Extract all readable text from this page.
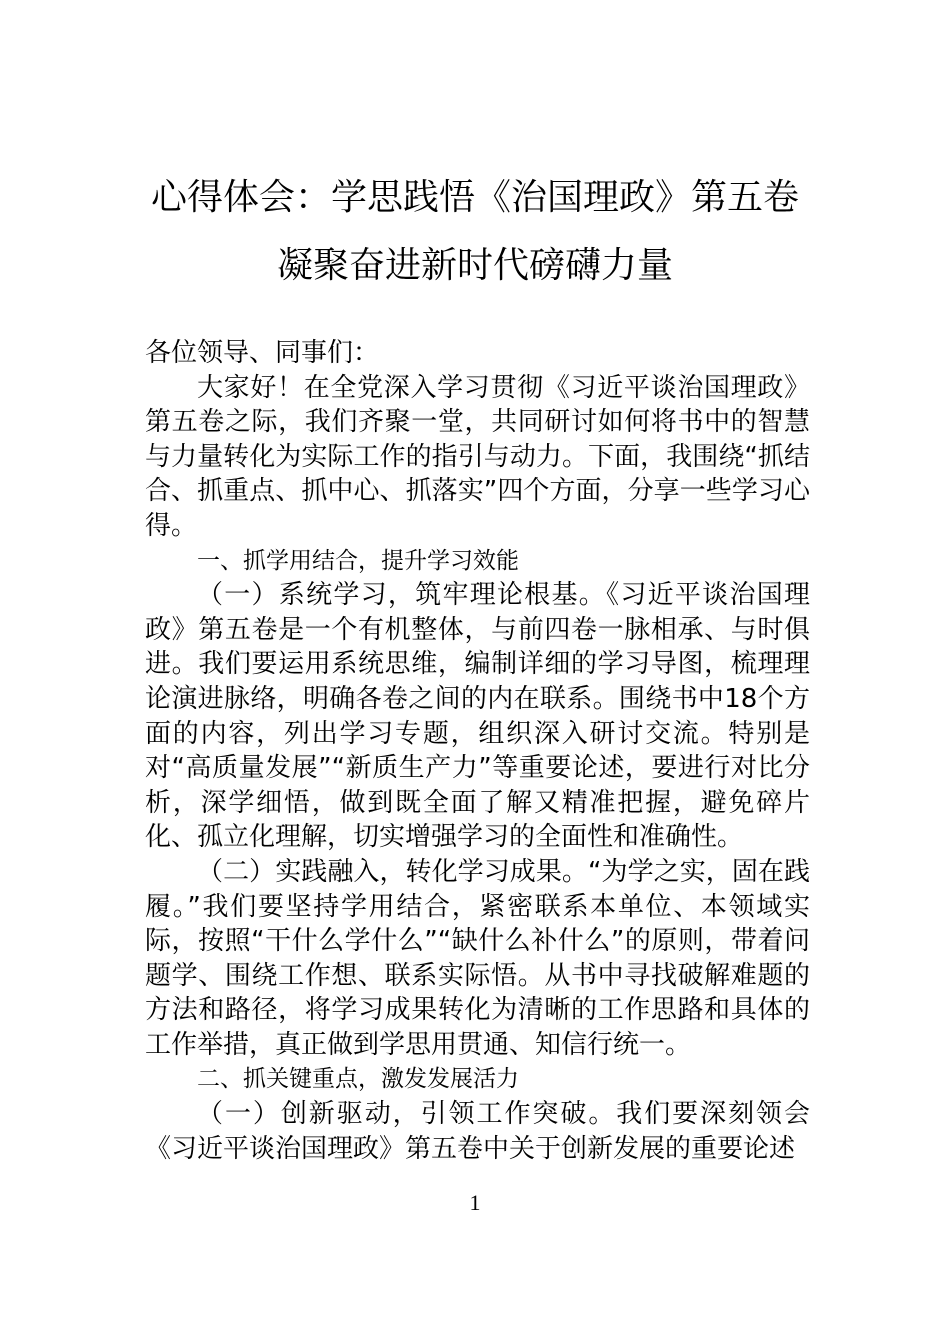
心得体会：学思践悟《治国理政》第五卷
凝聚奋进新时代磅礴力量

各位领导、同事们：

大家好！在全党深入学习贯彻《习近平谈治国理政》第五卷之际，我们齐聚一堂，共同研讨如何将书中的智慧与力量转化为实际工作的指引与动力。下面，我围绕“抓结合、抓重点、抓中心、抓落实”四个方面，分享一些学习心得。

一、抓学用结合，提升学习效能

（一）系统学习，筑牢理论根基。《习近平谈治国理政》第五卷是一个有机整体，与前四卷一脉相承、与时俱进。我们要运用系统思维，编制详细的学习导图，梳理理论演进脉络，明确各卷之间的内在联系。围绕书中18个方面的内容，列出学习专题，组织深入研讨交流。特别是对“高质量发展”“新质生产力”等重要论述，要进行对比分析，深学细悟，做到既全面了解又精准把握，避免碎片化、孤立化理解，切实增强学习的全面性和准确性。

（二）实践融入，转化学习成果。“为学之实，固在践履。”我们要坚持学用结合，紧密联系本单位、本领域实际，按照“干什么学什么”“缺什么补什么”的原则，带着问题学、围绕工作想、联系实际悟。从书中寻找破解难题的方法和路径，将学习成果转化为清晰的工作思路和具体的工作举措，真正做到学思用贯通、知信行统一。

二、抓关键重点，激发发展活力

（一）创新驱动，引领工作突破。我们要深刻领会《习近平谈治国理政》第五卷中关于创新发展的重要论述

1
